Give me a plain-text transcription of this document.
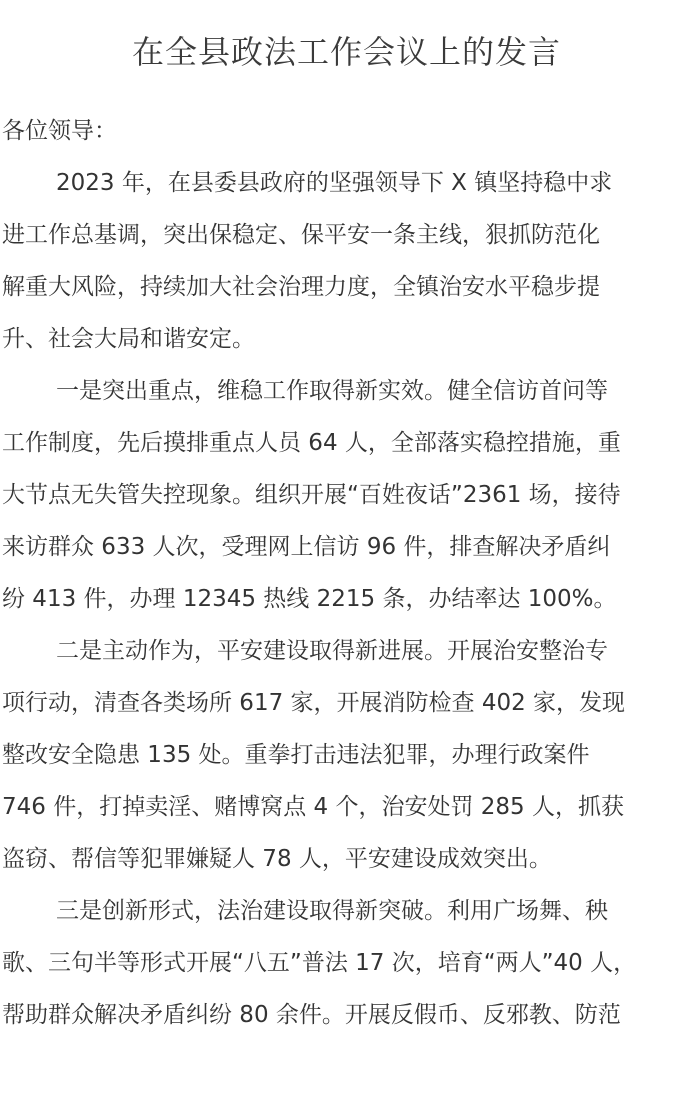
在全县政法工作会议上的发言
各位领导：
2023 年，在县委县政府的坚强领导下 X 镇坚持稳中求
进工作总基调，突出保稳定、保平安一条主线，狠抓防范化
解重大风险，持续加大社会治理力度，全镇治安水平稳步提
升、社会大局和谐安定。
一是突出重点，维稳工作取得新实效。健全信访首问等
工作制度，先后摸排重点人员 64 人，全部落实稳控措施，重
大节点无失管失控现象。组织开展“百姓夜话”2361 场，接待
来访群众 633 人次，受理网上信访 96 件，排查解决矛盾纠
纷 413 件，办理 12345 热线 2215 条，办结率达 100%。
二是主动作为，平安建设取得新进展。开展治安整治专
项行动，清查各类场所 617 家，开展消防检查 402 家，发现
整改安全隐患 135 处。重拳打击违法犯罪，办理行政案件
746 件，打掉卖淫、赌博窝点 4 个，治安处罚 285 人，抓获
盗窃、帮信等犯罪嫌疑人 78 人，平安建设成效突出。
三是创新形式，法治建设取得新突破。利用广场舞、秧
歌、三句半等形式开展“八五”普法 17 次，培育“两人”40 人，
帮助群众解决矛盾纠纷 80 余件。开展反假币、反邪教、防范
